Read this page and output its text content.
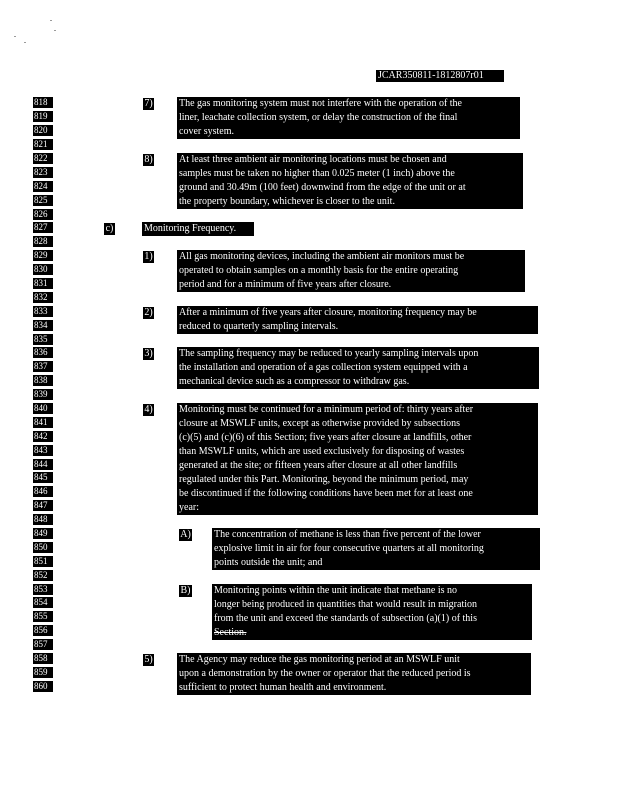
JCAR350811-1812807r01
818
819
820
821
822
823
824
825
826
827
828
829
830
831
832
833
834
835
836
837
838
839
840
841
842
843
844
845
846
847
848
849
850
851
852
853
854
855
856
857
858
859
860
7)	The gas monitoring system must not interfere with the operation of the
liner, leachate collection system, or delay the construction of the final
cover system.
8)	At least three ambient air monitoring locations must be chosen and
samples must be taken no higher than 0.025 meter (1 inch) above the
ground and 30.49m (100 feet) downwind from the edge of the unit or at
the property boundary, whichever is closer to the unit.
c)	Monitoring Frequency.
1)	All gas monitoring devices, including the ambient air monitors must be
operated to obtain samples on a monthly basis for the entire operating
period and for a minimum of five years after closure.
2)	After a minimum of five years after closure, monitoring frequency may be
reduced to quarterly sampling intervals.
3)	The sampling frequency may be reduced to yearly sampling intervals upon
the installation and operation of a gas collection system equipped with a
mechanical device such as a compressor to withdraw gas.
4)	Monitoring must be continued for a minimum period of: thirty years after
closure at MSWLF units, except as otherwise provided by subsections
(c)(5) and (c)(6) of this Section; five years after closure at landfills, other
than MSWLF units, which are used exclusively for disposing of wastes
generated at the site; or fifteen years after closure at all other landfills
regulated under this Part. Monitoring, beyond the minimum period, may
be discontinued if the following conditions have been met for at least one
year:
A) The concentration of methane is less than five percent of the lower
explosive limit in air for four consecutive quarters at all monitoring
points outside the unit; and
B) Monitoring points within the unit indicate that methane is no
longer being produced in quantities that would result in migration
from the unit and exceed the standards of subsection (a)(1) of this
Section.
5)	The Agency may reduce the gas monitoring period at an MSWLF unit
upon a demonstration by the owner or operator that the reduced period is
sufficient to protect human health and environment.
